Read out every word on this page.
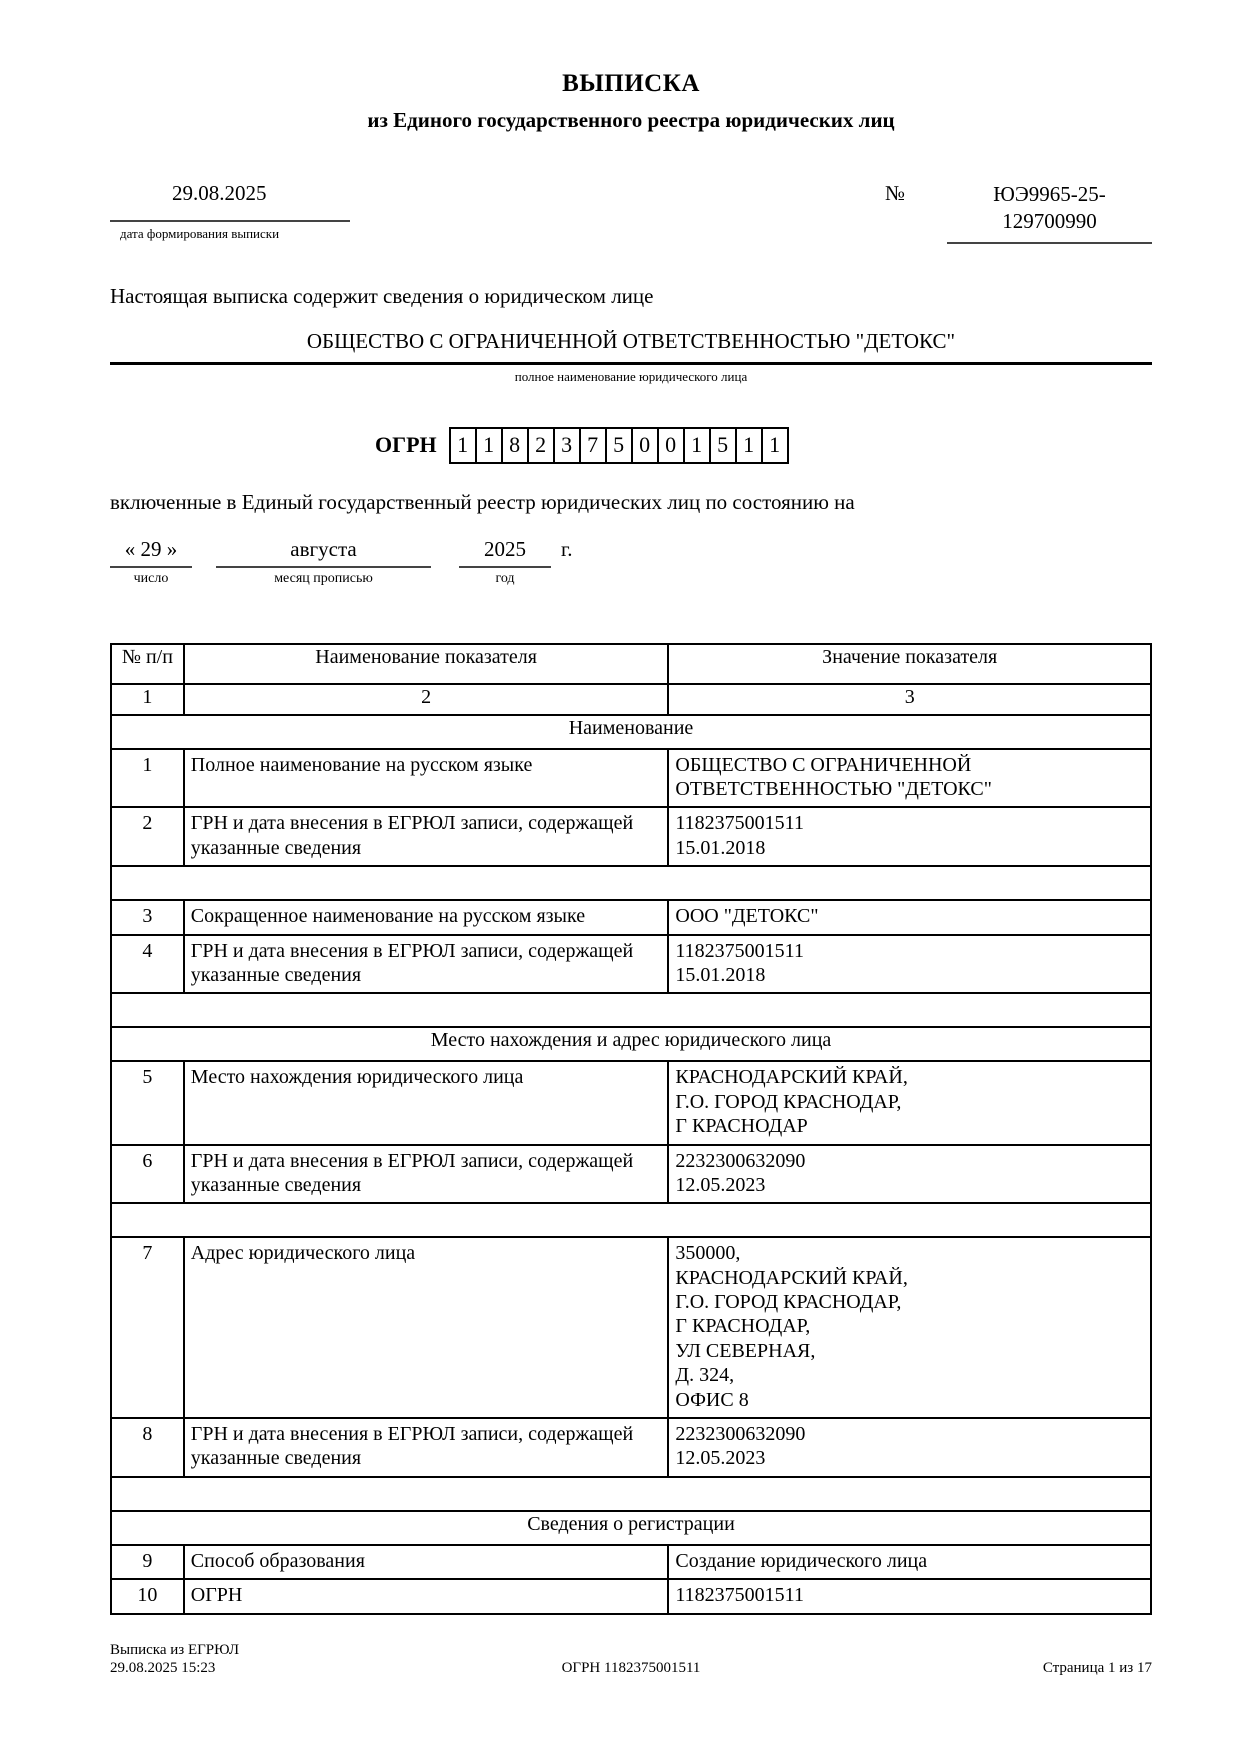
ВЫПИСКА
из Единого государственного реестра юридических лиц
29.08.2025
дата формирования выписки
№	ЮЭ9965-25-
129700990
Настоящая выписка содержит сведения о юридическом лице
ОБЩЕСТВО С ОГРАНИЧЕННОЙ ОТВЕТСТВЕННОСТЬЮ "ДЕТОКС"
полное наименование юридического лица
ОГРН 1 1 8 2 3 7 5 0 0 1 5 1 1
включенные в Единый государственный реестр юридических лиц по состоянию на
« 29 »
число
августа
месяц прописью
2025
год
г.
№ п/п	Наименование показателя	Значение показателя
1	2	3
Наименование		
1	Полное наименование на русском языке	ОБЩЕСТВО С ОГРАНИЧЕННОЙ
ОТВЕТСТВЕННОСТЬЮ "ДЕТОКС"

2	ГРН и дата внесения в ЕГРЮЛ записи, содержащей указанные сведения	1182375001511
15.01.2018

3	Сокращенное наименование на русском языке	ООО "ДЕТОКС"

4	ГРН и дата внесения в ЕГРЮЛ записи, содержащей указанные сведения	1182375001511
15.01.2018

Место нахождения и адрес юридического лица		
5	Место нахождения юридического лица	КРАСНОДАРСКИЙ КРАЙ,
Г.О. ГОРОД КРАСНОДАР,
Г КРАСНОДАР

6	ГРН и дата внесения в ЕГРЮЛ записи, содержащей указанные сведения	2232300632090
12.05.2023

7	Адрес юридического лица	350000,
КРАСНОДАРСКИЙ КРАЙ,
Г.О. ГОРОД КРАСНОДАР,
Г КРАСНОДАР,
УЛ СЕВЕРНАЯ,
Д. 324,
ОФИС 8

8	ГРН и дата внесения в ЕГРЮЛ записи, содержащей указанные сведения	2232300632090
12.05.2023

Сведения о регистрации		
9	Способ образования	Создание юридического лица

10	ОГРН	1182375001511
Выписка из ЕГРЮЛ
29.08.2025 15:23	ОГРН 1182375001511	Страница 1 из 17
